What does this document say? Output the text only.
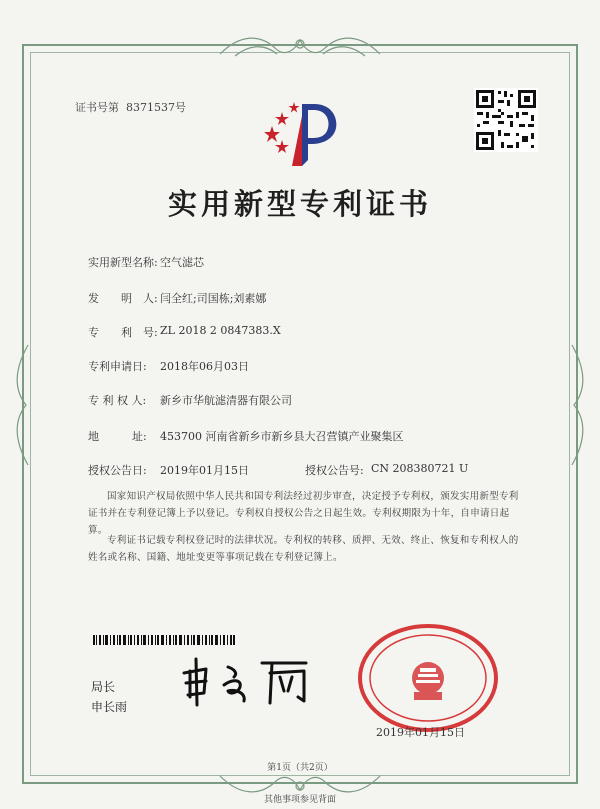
证书号第 8371537号
实用新型专利证书
实用新型名称: 空气滤芯
发　　明　人: 闫全红;司国栋;刘素娜
专　　利　号: ZL 2018 2 0847383.X
专利申请日: 2018年06月03日
专 利 权 人: 新乡市华航滤清器有限公司
地　　　址: 453700 河南省新乡市新乡县大召营镇产业聚集区
授权公告日: 2019年01月15日	授权公告号: CN 208380721 U

国家知识产权局依照中华人民共和国专利法经过初步审查，决定授予专利权，颁发实用新型专利证书并在专利登记簿上予以登记。专利权自授权公告之日起生效。专利权期限为十年，自申请日起算。

专利证书记载专利权登记时的法律状况。专利权的转移、质押、无效、终止、恢复和专利权人的姓名或名称、国籍、地址变更等事项记载在专利登记簿上。

局长
申长雨
2019年01月15日
第1页（共2页）
其他事项参见背面
